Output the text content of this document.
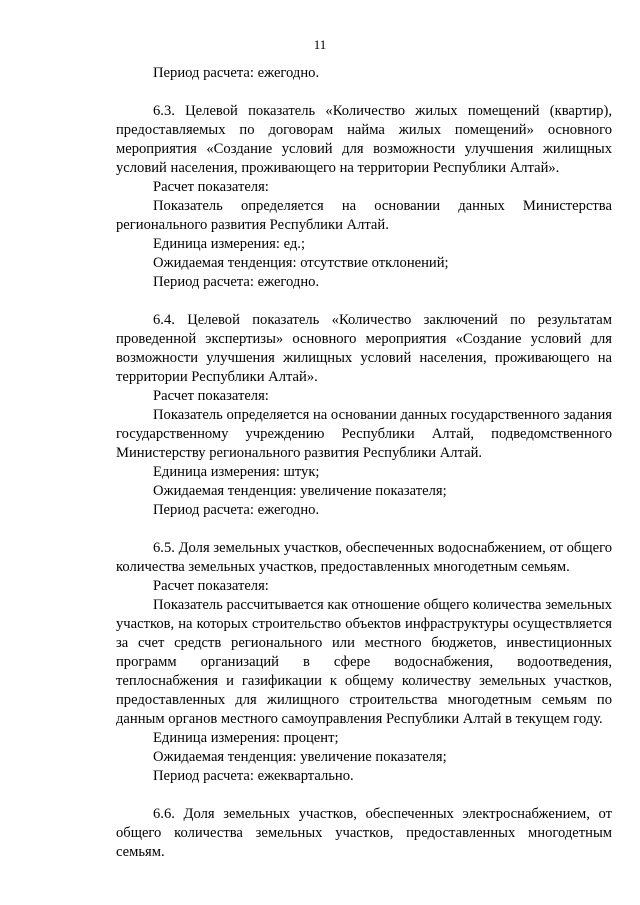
11

Период расчета: ежегодно.

6.3. Целевой показатель «Количество жилых помещений (квартир), предоставляемых по договорам найма жилых помещений» основного мероприятия «Создание условий для возможности улучшения жилищных условий населения, проживающего на территории Республики Алтай».

Расчет показателя:

Показатель определяется на основании данных Министерства регионального развития Республики Алтай.

Единица измерения: ед.;

Ожидаемая тенденция: отсутствие отклонений;

Период расчета: ежегодно.

6.4. Целевой показатель «Количество заключений по результатам проведенной экспертизы» основного мероприятия «Создание условий для возможности улучшения жилищных условий населения, проживающего на территории Республики Алтай».

Расчет показателя:

Показатель определяется на основании данных государственного задания государственному учреждению Республики Алтай, подведомственного Министерству регионального развития Республики Алтай.

Единица измерения: штук;

Ожидаемая тенденция: увеличение показателя;

Период расчета: ежегодно.

6.5. Доля земельных участков, обеспеченных водоснабжением, от общего количества земельных участков, предоставленных многодетным семьям.

Расчет показателя:

Показатель рассчитывается как отношение общего количества земельных участков, на которых строительство объектов инфраструктуры осуществляется за счет средств регионального или местного бюджетов, инвестиционных программ организаций в сфере водоснабжения, водоотведения, теплоснабжения и газификации к общему количеству земельных участков, предоставленных для жилищного строительства многодетным семьям по данным органов местного самоуправления Республики Алтай в текущем году.

Единица измерения: процент;

Ожидаемая тенденция: увеличение показателя;

Период расчета: ежеквартально.

6.6. Доля земельных участков, обеспеченных электроснабжением, от общего количества земельных участков, предоставленных многодетным семьям.
